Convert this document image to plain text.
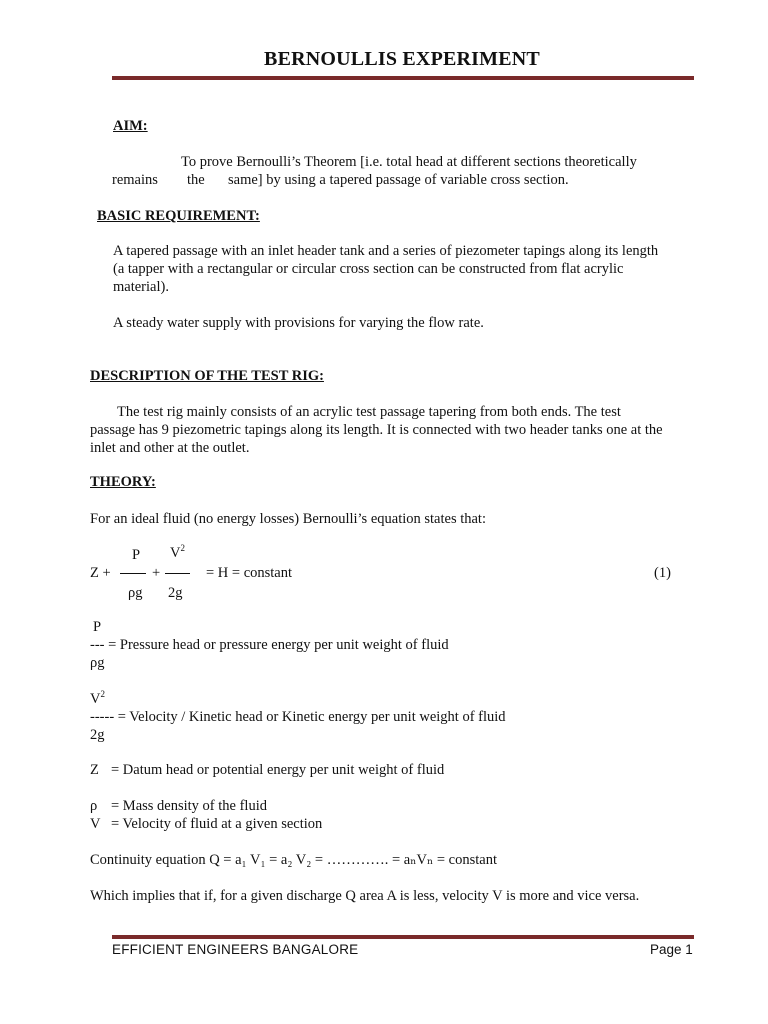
BERNOULLIS EXPERIMENT
AIM:
To prove Bernoulli’s Theorem [i.e. total head at different sections theoretically
remains the same] by using a tapered passage of variable cross section.
BASIC REQUIREMENT:
A tapered passage with an inlet header tank and a series of piezometer tapings along its length
(a tapper with a rectangular or circular cross section can be constructed from flat acrylic
material).
A steady water supply with provisions for varying the flow rate.
DESCRIPTION OF THE TEST RIG:
The test rig mainly consists of an acrylic test passage tapering from both ends. The test
passage has 9 piezometric tapings along its length. It is connected with two header tanks one at the
inlet and other at the outlet.
THEORY:
For an ideal fluid (no energy losses) Bernoulli’s equation states that:
Z +
P
ρg
+
$V^2$
2g
= H = constant	(1)
P
--- = Pressure head or pressure energy per unit weight of fluid
ρg
$V^2$
----- = Velocity / Kinetic head or Kinetic energy per unit weight of fluid
2g
Z = Datum head or potential energy per unit weight of fluid
ρ = Mass density of the fluid
V = Velocity of fluid at a given section
Continuity equation Q = a₁ V₁ = a₂ V₂ = …………. = aₙVₙ = constant
Which implies that if, for a given discharge Q area A is less, velocity V is more and vice versa.
EFFICIENT ENGINEERS BANGALORE	Page 1
